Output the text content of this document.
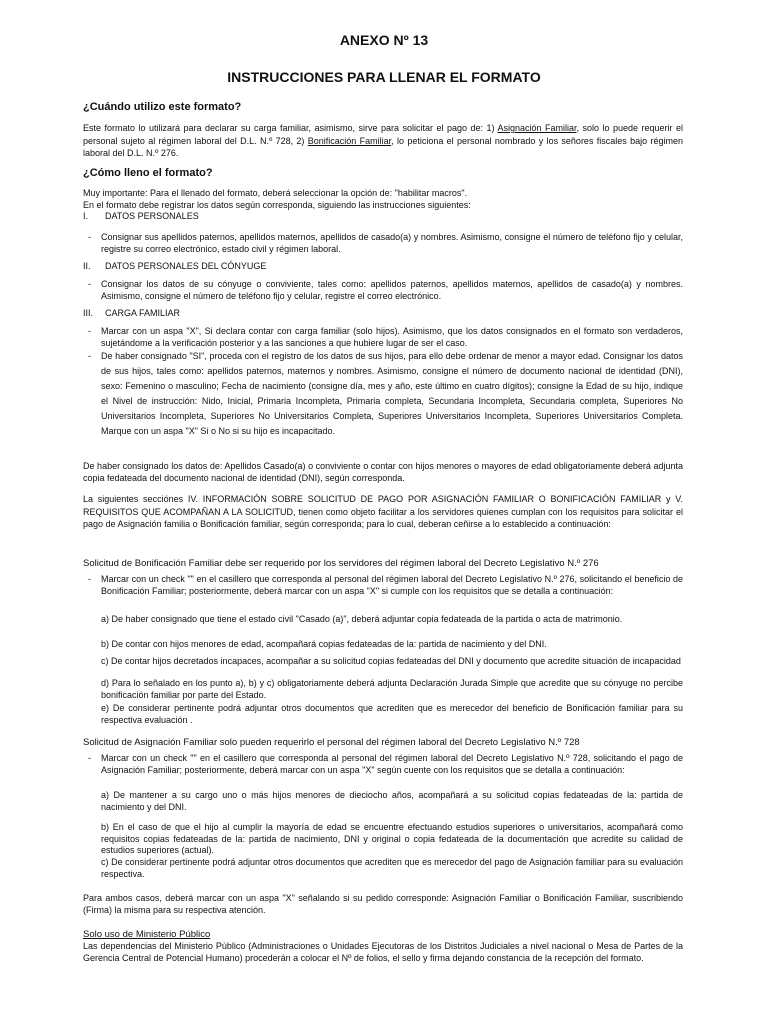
ANEXO Nº 13
INSTRUCCIONES PARA LLENAR EL FORMATO
¿Cuándo utilizo este formato?
Este formato lo utilizará para declarar su carga familiar, asimismo, sirve para solicitar el pago de: 1) Asignación Familiar, solo lo puede requerir el personal sujeto al régimen laboral del D.L. N.º 728, 2) Bonificación Familiar, lo peticiona el personal nombrado y los señores fiscales bajo régimen laboral del D.L. N.º 276.
¿Cómo lleno el formato?
Muy importante: Para el llenado del formato, deberá seleccionar la opción de: "habilitar macros".
En el formato debe registrar los datos según corresponda, siguiendo las instrucciones siguientes:
I. DATOS PERSONALES
- Consignar sus apellidos paternos, apellidos maternos, apellidos de casado(a) y nombres. Asimismo, consigne el número de teléfono fijo y celular, registre su correo electrónico, estado civil y régimen laboral.
II. DATOS PERSONALES DEL CÓNYUGE
- Consignar los datos de su cónyuge o conviviente, tales como: apellidos paternos, apellidos maternos, apellidos de casado(a) y nombres. Asimismo, consigne el número de teléfono fijo y celular, registre el correo electrónico.
III. CARGA FAMILIAR
- Marcar con un aspa "X", Si declara contar con carga familiar (solo hijos). Asimismo, que los datos consignados en el formato son verdaderos, sujetándome a la verificación posterior y a las sanciones a que hubiere lugar de ser el caso.
- De haber consignado "SI", proceda con el registro de los datos de sus hijos, para ello debe ordenar de menor a mayor edad. Consignar los datos de sus hijos, tales como: apellidos paternos, maternos y nombres. Asimismo, consigne el número de documento nacional de identidad (DNI), sexo: Femenino o masculino; Fecha de nacimiento (consigne día, mes y año, este último en cuatro dígitos); consigne la Edad de su hijo, indique el Nivel de instrucción: Nido, Inicial, Primaria Incompleta, Primaria completa, Secundaria Incompleta, Secundaria completa, Superiores No Universitarios Incompleta, Superiores No Universitarios Completa, Superiores Universitarios Incompleta, Superiores Universitarios Completa. Marque con un aspa "X" Si o No si su hijo es incapacitado.
De haber consignado los datos de: Apellidos Casado(a) o conviviente o contar con hijos menores o mayores de edad obligatoriamente deberá adjunta copia fedateada del documento nacional de identidad (DNI), según corresponda.
La siguientes secciónes IV. INFORMACIÓN SOBRE SOLICITUD DE PAGO POR ASIGNACIÓN FAMILIAR O BONIFICACIÓN FAMILIAR y V. REQUISITOS QUE ACOMPAÑAN A LA SOLICITUD, tienen como objeto facilitar a los servidores quienes cumplan con los requisitos para solicitar el pago de Asignación familia o Bonificación familiar, según corresponda; para lo cual, deberan ceñirse a lo establecido a continuación:
Solicitud de Bonificación Familiar debe ser requerido por los servidores del régimen laboral del Decreto Legislativo N.º 276
- Marcar con un check "" en el casillero que corresponda al personal del régimen laboral del Decreto Legislativo N.º 276, solicitando el beneficio de Bonificación Familiar; posteriormente, deberá marcar con un aspa "X" si cumple con los requisitos que se detalla a continuación:
a) De haber consignado que tiene el estado civil "Casado (a)", deberá adjuntar copia fedateada de la partida o acta de matrimonio.
b) De contar con hijos menores de edad, acompañará copias fedateadas de la: partida de nacimiento y del DNI.
c) De contar hijos decretados incapaces, acompañar a su solicitud copias fedateadas del DNI y documento que acredite situación de incapacidad
d) Para lo señalado en los punto a), b) y c) obligatoriamente deberá adjunta Declaración Jurada Simple que acredite que su cónyuge no percibe bonificación familiar por parte del Estado.
e) De considerar pertinente podrá adjuntar otros documentos que acrediten que es merecedor del beneficio de Bonificación familiar para su respectiva evaluación .
Solicitud de Asignación Familiar solo pueden requerirlo el personal del régimen laboral del Decreto Legislativo N.º 728
- Marcar con un check "" en el casillero que corresponda al personal del régimen laboral del Decreto Legislativo N.º 728, solicitando el pago de Asignación Familiar; posteriormente, deberá marcar con un aspa "X" según cuente con los requisitos que se detalla a continuación:
a) De mantener a su cargo uno o más hijos menores de dieciocho años, acompañará a su solicitud copias fedateadas de la: partida de nacimiento y del DNI.
b) En el caso de que el hijo al cumplir la mayoría de edad se encuentre efectuando estudios superiores o universitarios, acompañará como requisitos copias fedateadas de la: partida de nacimiento, DNI y original o copia fedateada de la documentación que acredite su calidad de estudios superiores (actual).
c) De considerar pertinente podrá adjuntar otros documentos que acrediten que es merecedor del pago de Asignación familiar para su evaluación respectiva.
Para ambos casos, deberá marcar con un aspa "X" señalando si su pedido corresponde: Asignación Familiar o Bonificación Familiar, suscribiendo (Firma) la misma para su respectiva atención.
Solo uso de Ministerio Público
Las dependencias del Ministerio Público (Administraciones o Unidades Ejecutoras de los Distritos Judiciales a nivel nacional o Mesa de Partes de la Gerencia Central de Potencial Humano) procederán a colocar el Nº de folios, el sello y firma dejando constancia de la recepción del formato.
